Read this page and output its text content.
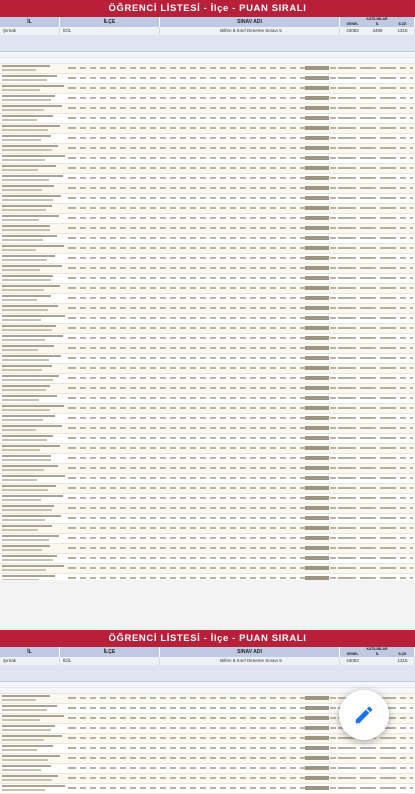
ÖĞRENCİ LİSTESİ - İlçe - PUAN SIRALI
İL	İLÇE	SINAV ADI	KATILIMLAR
GENEL	İL	İLÇE
Şırnak	İDİL	Bilfen 8.Sınıf Deneme Sınavı 5	43083	3489	1315
ÖĞRENCİ LİSTESİ - İlçe - PUAN SIRALI
İL	İLÇE	SINAV ADI	KATILIMLAR
GENEL	İL	İLÇE
Şırnak	İDİL	Bilfen 8.Sınıf Deneme Sınavı 5	43083	1315
